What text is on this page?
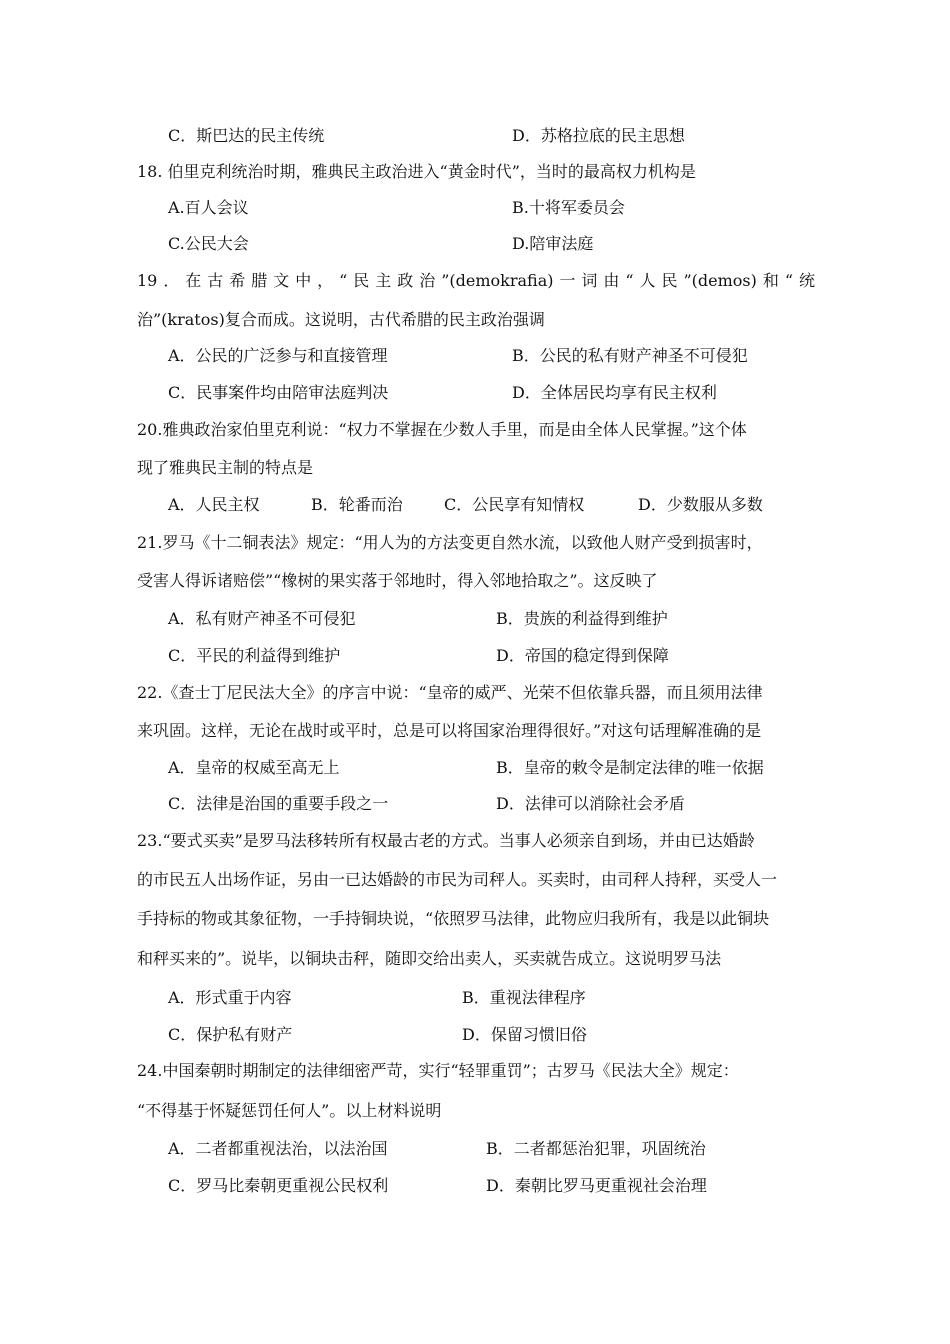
C．斯巴达的民主传统	D．苏格拉底的民主思想
18. 伯里克利统治时期，雅典民主政治进入“黄金时代”，当时的最高权力机构是
A.百人会议	B.十将军委员会
C.公民大会	D.陪审法庭
19．在古希腊文中，“民主政治”(demokrafia)一词由“人民”(demos)和“统
治”(kratos)复合而成。这说明，古代希腊的民主政治强调
A．公民的广泛参与和直接管理	B．公民的私有财产神圣不可侵犯
C．民事案件均由陪审法庭判决	D．全体居民均享有民主权利
20.雅典政治家伯里克利说：“权力不掌握在少数人手里，而是由全体人民掌握。”这个体
现了雅典民主制的特点是
A．人民主权	B．轮番而治	C．公民享有知情权	D．少数服从多数
21.罗马《十二铜表法》规定：“用人为的方法变更自然水流，以致他人财产受到损害时，
受害人得诉诸赔偿”“橡树的果实落于邻地时，得入邻地拾取之”。这反映了
A．私有财产神圣不可侵犯	B．贵族的利益得到维护
C．平民的利益得到维护	D．帝国的稳定得到保障
22.《查士丁尼民法大全》的序言中说：“皇帝的威严、光荣不但依靠兵器，而且须用法律
来巩固。这样，无论在战时或平时，总是可以将国家治理得很好。”对这句话理解准确的是
A．皇帝的权威至高无上	B．皇帝的敕令是制定法律的唯一依据
C．法律是治国的重要手段之一	D．法律可以消除社会矛盾
23.“要式买卖”是罗马法移转所有权最古老的方式。当事人必须亲自到场，并由已达婚龄
的市民五人出场作证，另由一已达婚龄的市民为司秤人。买卖时，由司秤人持秤，买受人一
手持标的物或其象征物，一手持铜块说，“依照罗马法律，此物应归我所有，我是以此铜块
和秤买来的”。说毕，以铜块击秤，随即交给出卖人，买卖就告成立。这说明罗马法
A．形式重于内容	B．重视法律程序
C．保护私有财产	D．保留习惯旧俗
24.中国秦朝时期制定的法律细密严苛，实行“轻罪重罚”；古罗马《民法大全》规定：
“不得基于怀疑惩罚任何人”。以上材料说明
A．二者都重视法治，以法治国	B．二者都惩治犯罪，巩固统治
C．罗马比秦朝更重视公民权利	D．秦朝比罗马更重视社会治理
